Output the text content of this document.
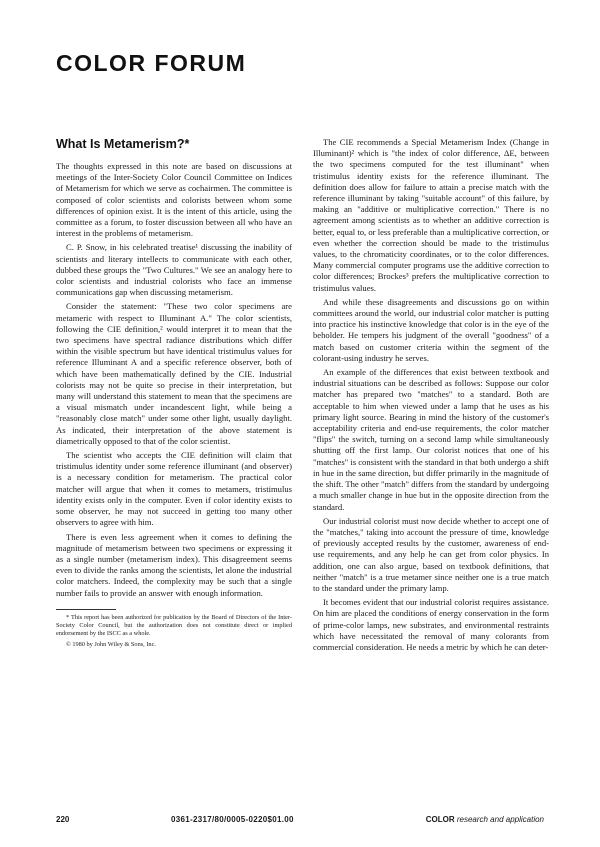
COLOR FORUM
What Is Metamerism?*

The thoughts expressed in this note are based on discussions at meetings of the Inter-Society Color Council Committee on Indices of Metamerism for which we serve as cochairmen. The committee is composed of color scientists and colorists between whom some differences of opinion exist. It is the intent of this article, using the committee as a forum, to foster discussion between all who have an interest in the problems of metamerism.

C. P. Snow, in his celebrated treatise¹ discussing the inability of scientists and literary intellects to communicate with each other, dubbed these groups the "Two Cultures." We see an analogy here to color scientists and industrial colorists who face an immense communications gap when discussing metamerism.

Consider the statement: "These two color specimens are metameric with respect to Illuminant A." The color scientists, following the CIE definition,² would interpret it to mean that the two specimens have spectral radiance distributions which differ within the visible spectrum but have identical tristimulus values for reference Illuminant A and a specific reference observer, both of which have been mathematically defined by the CIE. Industrial colorists may not be quite so precise in their interpretation, but many will understand this statement to mean that the specimens are a visual mismatch under incandescent light, while being a "reasonably close match" under some other light, usually daylight. As indicated, their interpretation of the above statement is diametrically opposed to that of the color scientist.

The scientist who accepts the CIE definition will claim that tristimulus identity under some reference illuminant (and observer) is a necessary condition for metamerism. The practical color matcher will argue that when it comes to metamers, tristimulus identity exists only in the computer. Even if color identity exists to some observer, he may not succeed in getting too many other observers to agree with him.

There is even less agreement when it comes to defining the magnitude of metamerism between two specimens or expressing it as a single number (metamerism index). This disagreement seems even to divide the ranks among the scientists, let alone the industrial color matchers. Indeed, the complexity may be such that a single number fails to provide an answer with enough information.

* This report has been authorized for publication by the Board of Directors of the Inter-Society Color Council, but the authorization does not constitute direct or implied endorsement by the ISCC as a whole.

© 1980 by John Wiley & Sons, Inc.

The CIE recommends a Special Metamerism Index (Change in Illuminant)² which is "the index of color difference, ΔE, between the two specimens computed for the test illuminant" when tristimulus identity exists for the reference illuminant. The definition does allow for failure to attain a precise match with the reference illuminant by taking "suitable account" of this failure, by making an "additive or multiplicative correction." There is no agreement among scientists as to whether an additive correction is better, equal to, or less preferable than a multiplicative correction, or even whether the correction should be made to the tristimulus values, to the chromaticity coordinates, or to the color differences. Many commercial computer programs use the additive correction to color differences; Brockes³ prefers the multiplicative correction to tristimulus values.

And while these disagreements and discussions go on within committees around the world, our industrial color matcher is putting into practice his instinctive knowledge that color is in the eye of the beholder. He tempers his judgment of the overall "goodness" of a match based on customer criteria within the segment of the colorant-using industry he serves.

An example of the differences that exist between textbook and industrial situations can be described as follows: Suppose our color matcher has prepared two "matches" to a standard. Both are acceptable to him when viewed under a lamp that he uses as his primary light source. Bearing in mind the history of the customer's acceptability criteria and end-use requirements, the color matcher "flips" the switch, turning on a second lamp while simultaneously shutting off the first lamp. Our colorist notices that one of his "matches" is consistent with the standard in that both undergo a shift in hue in the same direction, but differ primarily in the magnitude of the shift. The other "match" differs from the standard by undergoing a much smaller change in hue but in the opposite direction from the standard.

Our industrial colorist must now decide whether to accept one of the "matches," taking into account the pressure of time, knowledge of previously accepted results by the customer, awareness of end-use requirements, and any help he can get from color physics. In addition, one can also argue, based on textbook definitions, that neither "match" is a true metamer since neither one is a true match to the standard under the primary lamp.

It becomes evident that our industrial colorist requires assistance. On him are placed the conditions of energy conservation in the form of prime-color lamps, new substrates, and environmental restraints which have necessitated the removal of many colorants from commercial consideration. He needs a metric by which he can deter-

220	0361-2317/80/0005-0220$01.00	COLOR research and application
